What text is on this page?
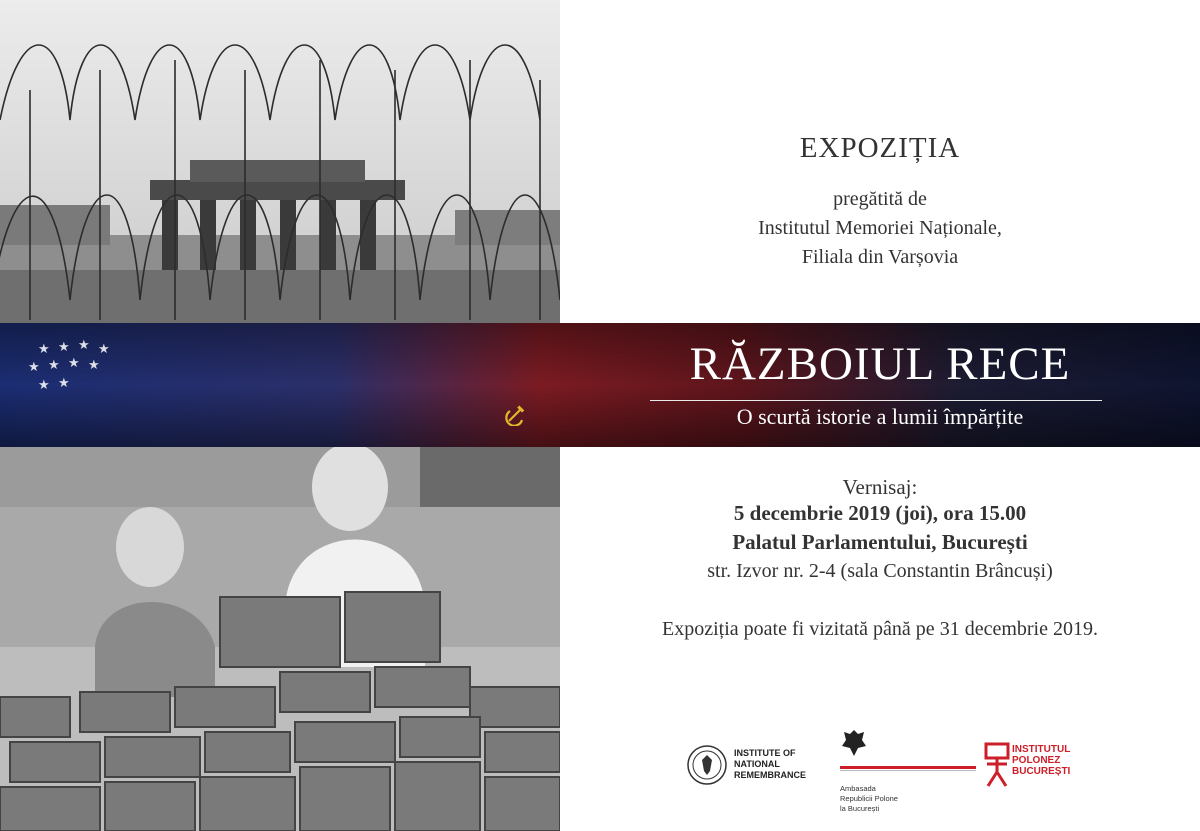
★ ★ ★ ★
★ ★ ★ ★
★ ★
EXPOZIȚIA
pregătită de
Institutul Memoriei Naționale,
Filiala din Varșovia
RĂZBOIUL RECE
O scurtă istorie a lumii împărțite
Vernisaj:
5 decembrie 2019 (joi), ora 15.00
Palatul Parlamentului, București
str. Izvor nr. 2-4 (sala Constantin Brâncuși)
Expoziția poate fi vizitată până pe 31 decembrie 2019.
INSTITUTE OF
NATIONAL
REMEMBRANCE
Ambasada
Republicii Polone
la București
INSTITUTUL
POLONEZ
BUCUREȘTI
